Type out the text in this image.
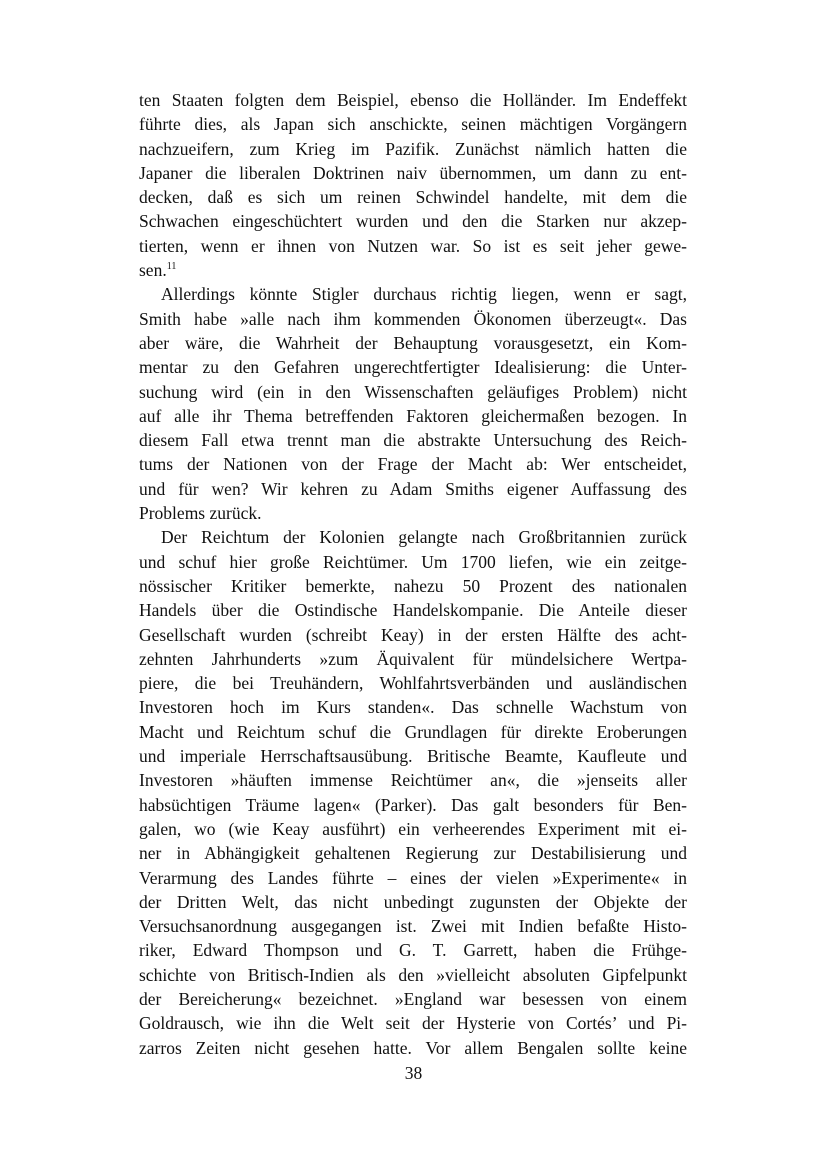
ten Staaten folgten dem Beispiel, ebenso die Holländer. Im Endeffekt
führte dies, als Japan sich anschickte, seinen mächtigen Vorgängern
nachzueifern, zum Krieg im Pazifik. Zunächst nämlich hatten die
Japaner die liberalen Doktrinen naiv übernommen, um dann zu ent-
decken, daß es sich um reinen Schwindel handelte, mit dem die
Schwachen eingeschüchtert wurden und den die Starken nur akzep-
tierten, wenn er ihnen von Nutzen war. So ist es seit jeher gewe-
sen.$^{11}$
Allerdings könnte Stigler durchaus richtig liegen, wenn er sagt,
Smith habe »alle nach ihm kommenden Ökonomen überzeugt«. Das
aber wäre, die Wahrheit der Behauptung vorausgesetzt, ein Kom-
mentar zu den Gefahren ungerechtfertigter Idealisierung: die Unter-
suchung wird (ein in den Wissenschaften geläufiges Problem) nicht
auf alle ihr Thema betreffenden Faktoren gleichermaßen bezogen. In
diesem Fall etwa trennt man die abstrakte Untersuchung des Reich-
tums der Nationen von der Frage der Macht ab: Wer entscheidet,
und für wen? Wir kehren zu Adam Smiths eigener Auffassung des
Problems zurück.
Der Reichtum der Kolonien gelangte nach Großbritannien zurück
und schuf hier große Reichtümer. Um 1700 liefen, wie ein zeitge-
nössischer Kritiker bemerkte, nahezu 50 Prozent des nationalen
Handels über die Ostindische Handelskompanie. Die Anteile dieser
Gesellschaft wurden (schreibt Keay) in der ersten Hälfte des acht-
zehnten Jahrhunderts »zum Äquivalent für mündelsichere Wertpa-
piere, die bei Treuhändern, Wohlfahrtsverbänden und ausländischen
Investoren hoch im Kurs standen«. Das schnelle Wachstum von
Macht und Reichtum schuf die Grundlagen für direkte Eroberungen
und imperiale Herrschaftsausübung. Britische Beamte, Kaufleute und
Investoren »häuften immense Reichtümer an«, die »jenseits aller
habsüchtigen Träume lagen« (Parker). Das galt besonders für Ben-
galen, wo (wie Keay ausführt) ein verheerendes Experiment mit ei-
ner in Abhängigkeit gehaltenen Regierung zur Destabilisierung und
Verarmung des Landes führte – eines der vielen »Experimente« in
der Dritten Welt, das nicht unbedingt zugunsten der Objekte der
Versuchsanordnung ausgegangen ist. Zwei mit Indien befaßte Histo-
riker, Edward Thompson und G. T. Garrett, haben die Frühge-
schichte von Britisch-Indien als den »vielleicht absoluten Gipfelpunkt
der Bereicherung« bezeichnet. »England war besessen von einem
Goldrausch, wie ihn die Welt seit der Hysterie von Cortés’ und Pi-
zarros Zeiten nicht gesehen hatte. Vor allem Bengalen sollte keine
38
